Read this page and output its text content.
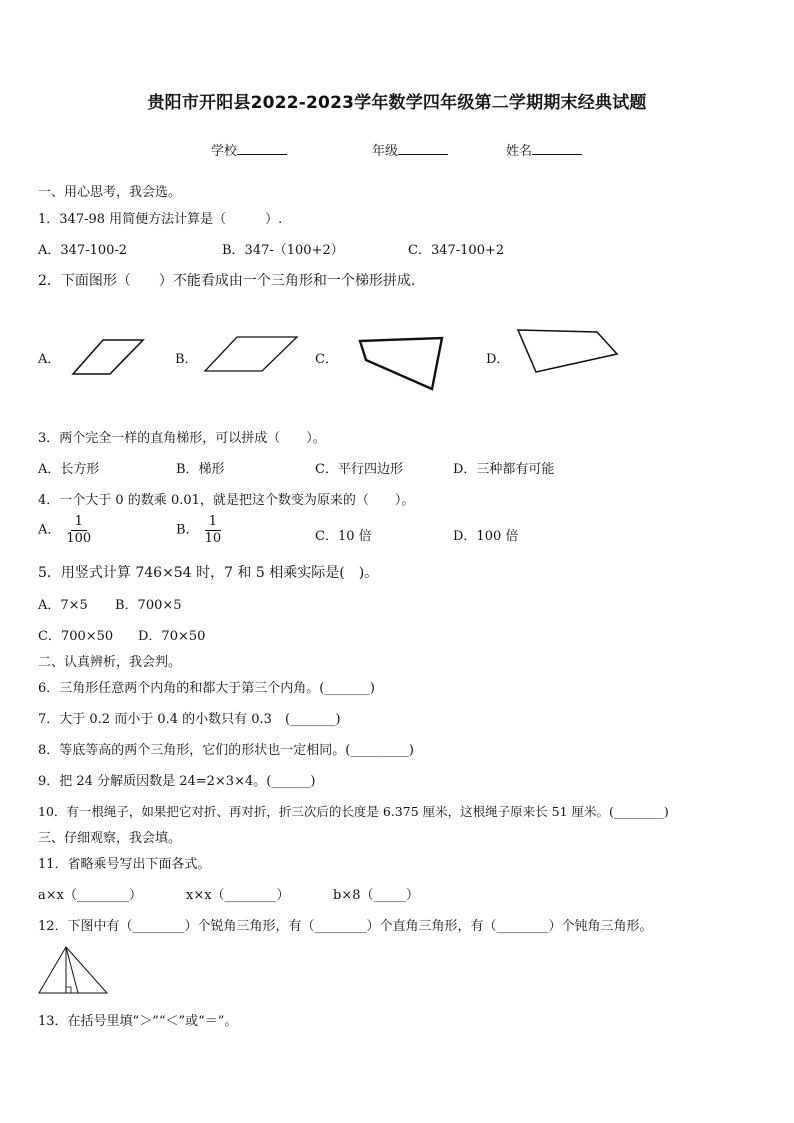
贵阳市开阳县2022-2023学年数学四年级第二学期期末经典试题
学校	年级	姓名
一、用心思考，我会选。
1．347-98 用简便方法计算是（　　　）.
A．347-100-2	B．347-（100+2）	C．347-100+2
2．下面图形（　　）不能看成由一个三角形和一个梯形拼成.
A．	B．	C．	D．
3．两个完全一样的直角梯形，可以拼成（　　）。
A．长方形	B．梯形	C．平行四边形	D．三种都有可能
4．一个大于 0 的数乘 0.01，就是把这个数变为原来的（　　）。
A． $\frac{1}{100}$	B． $\frac{1}{10}$	C．10 倍	D．100 倍
5．用竖式计算 746×54 时，7 和 5 相乘实际是(　)。
A．7×5 B．700×5
C．700×50 D．70×50
二、认真辨析，我会判。
6．三角形任意两个内角的和都大于第三个内角。(_______)
7．大于 0.2 而小于 0.4 的小数只有 0.3　(_______)
8．等底等高的两个三角形，它们的形状也一定相同。(_________)
9．把 24 分解质因数是 24=2×3×4。(______)
10．有一根绳子，如果把它对折、再对折，折三次后的长度是 6.375 厘米，这根绳子原来长 51 厘米。(________)
三、仔细观察，我会填。
11．省略乘号写出下面各式。
a×x（________）	x×x（________）	b×8（_____）
12．下图中有（________）个锐角三角形，有（________）个直角三角形，有（________）个钝角三角形。
13．在括号里填“＞”“＜”或“＝”。
